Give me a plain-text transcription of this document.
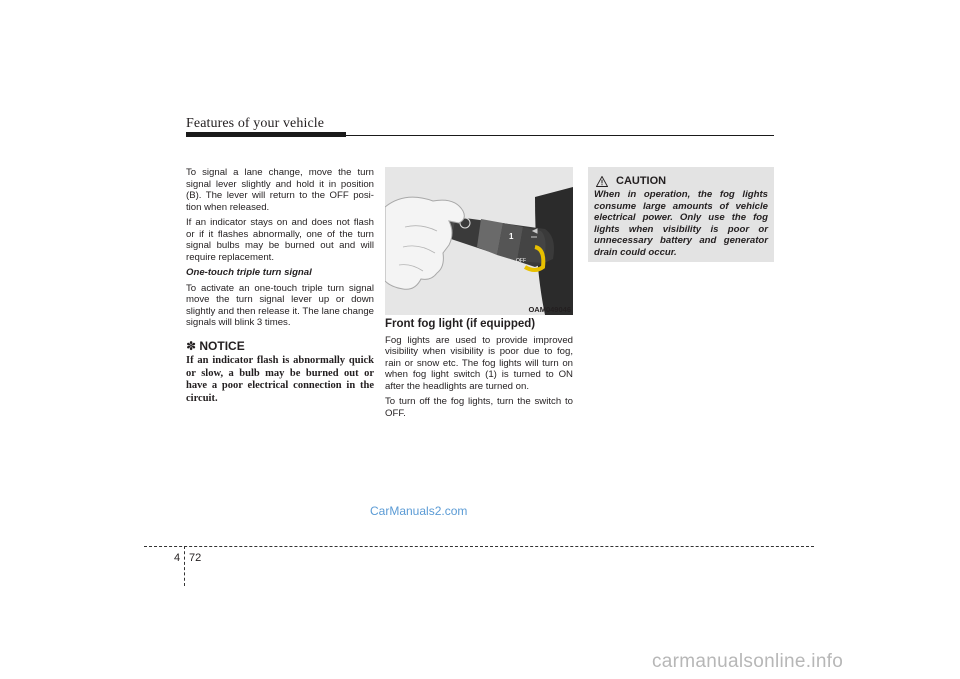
Features of your vehicle

To signal a lane change, move the turn signal lever slightly and hold it in position (B). The lever will return to the OFF posi-tion when released.

If an indicator stays on and does not flash or if it flashes abnormally, one of the turn signal bulbs may be burned out and will require replacement.

One-touch triple turn signal

To activate an one-touch triple turn signal move the turn signal lever up or down slightly and then release it. The lane change signals will blink 3 times.

✽ NOTICE
If an indicator flash is abnormally quick or slow, a bulb may be burned out or have a poor electrical connection in the circuit.
1
OFF
OAM049046
Front fog light (if equipped)

Fog lights are used to provide improved visibility when visibility is poor due to fog, rain or snow etc. The fog lights will turn on when fog light switch (1) is turned to ON after the headlights are turned on.

To turn off the fog lights, turn the switch to OFF.

CAUTION
When in operation, the fog lights consume large amounts of vehicle electrical power. Only use the fog lights when visibility is poor or unnecessary battery and generator drain could occur.
CarManuals2.com
4 72
carmanualsonline.info
